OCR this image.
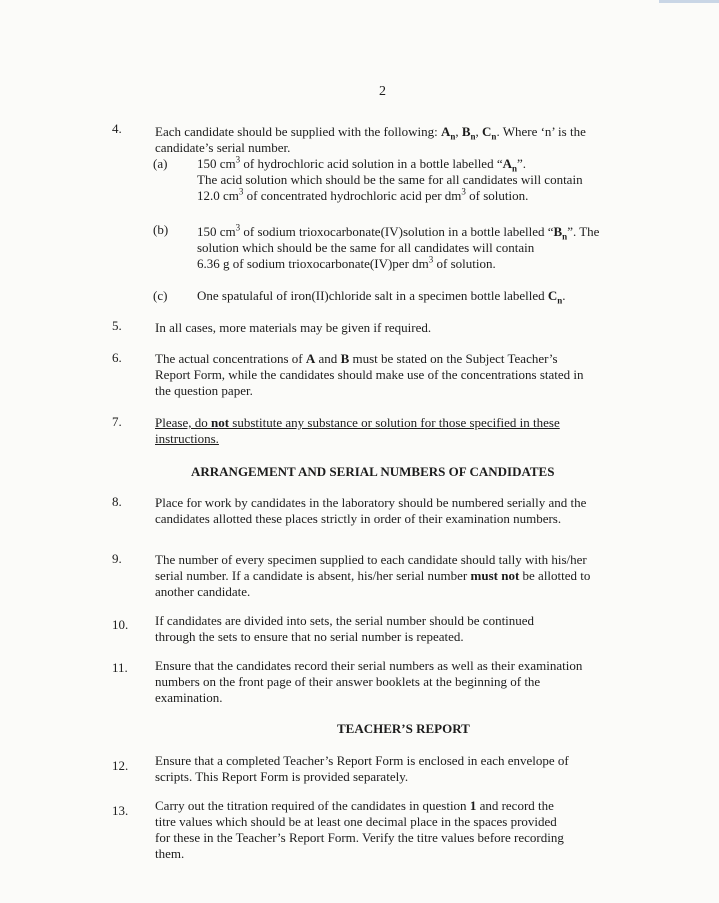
2
4.	Each candidate should be supplied with the following: $A_n$, $B_n$, $C_n$. Where ‘n’ is the candidate’s serial number.
(a) 150 $cm^3$ of hydrochloric acid solution in a bottle labelled “$A_n$”.
The acid solution which should be the same for all candidates will contain
12.0 $cm^3$ of concentrated hydrochloric acid per $dm^3$ of solution.
(b) 150 $cm^3$ of sodium trioxocarbonate(IV)solution in a bottle labelled “$B_n$”. The
solution which should be the same for all candidates will contain
6.36 g of sodium trioxocarbonate(IV)per $dm^3$ of solution.
(c) One spatulaful of iron(II)chloride salt in a specimen bottle labelled $C_n$.
5.	In all cases, more materials may be given if required.
6.	The actual concentrations of A and B must be stated on the Subject Teacher’s Report Form, while the candidates should make use of the concentrations stated in the question paper.
7.	Please, do not substitute any substance or solution for those specified in these instructions.
ARRANGEMENT AND SERIAL NUMBERS OF CANDIDATES
8.	Place for work by candidates in the laboratory should be numbered serially and the candidates allotted these places strictly in order of their examination numbers.
9.	The number of every specimen supplied to each candidate should tally with his/her serial number. If a candidate is absent, his/her serial number must not be allotted to another candidate.
10. If candidates are divided into sets, the serial number should be continued through the sets to ensure that no serial number is repeated.
11. Ensure that the candidates record their serial numbers as well as their examination numbers on the front page of their answer booklets at the beginning of the examination.
TEACHER’S REPORT
12. Ensure that a completed Teacher’s Report Form is enclosed in each envelope of scripts. This Report Form is provided separately.
13. Carry out the titration required of the candidates in question 1 and record the titre values which should be at least one decimal place in the spaces provided for these in the Teacher’s Report Form. Verify the titre values before recording them.
